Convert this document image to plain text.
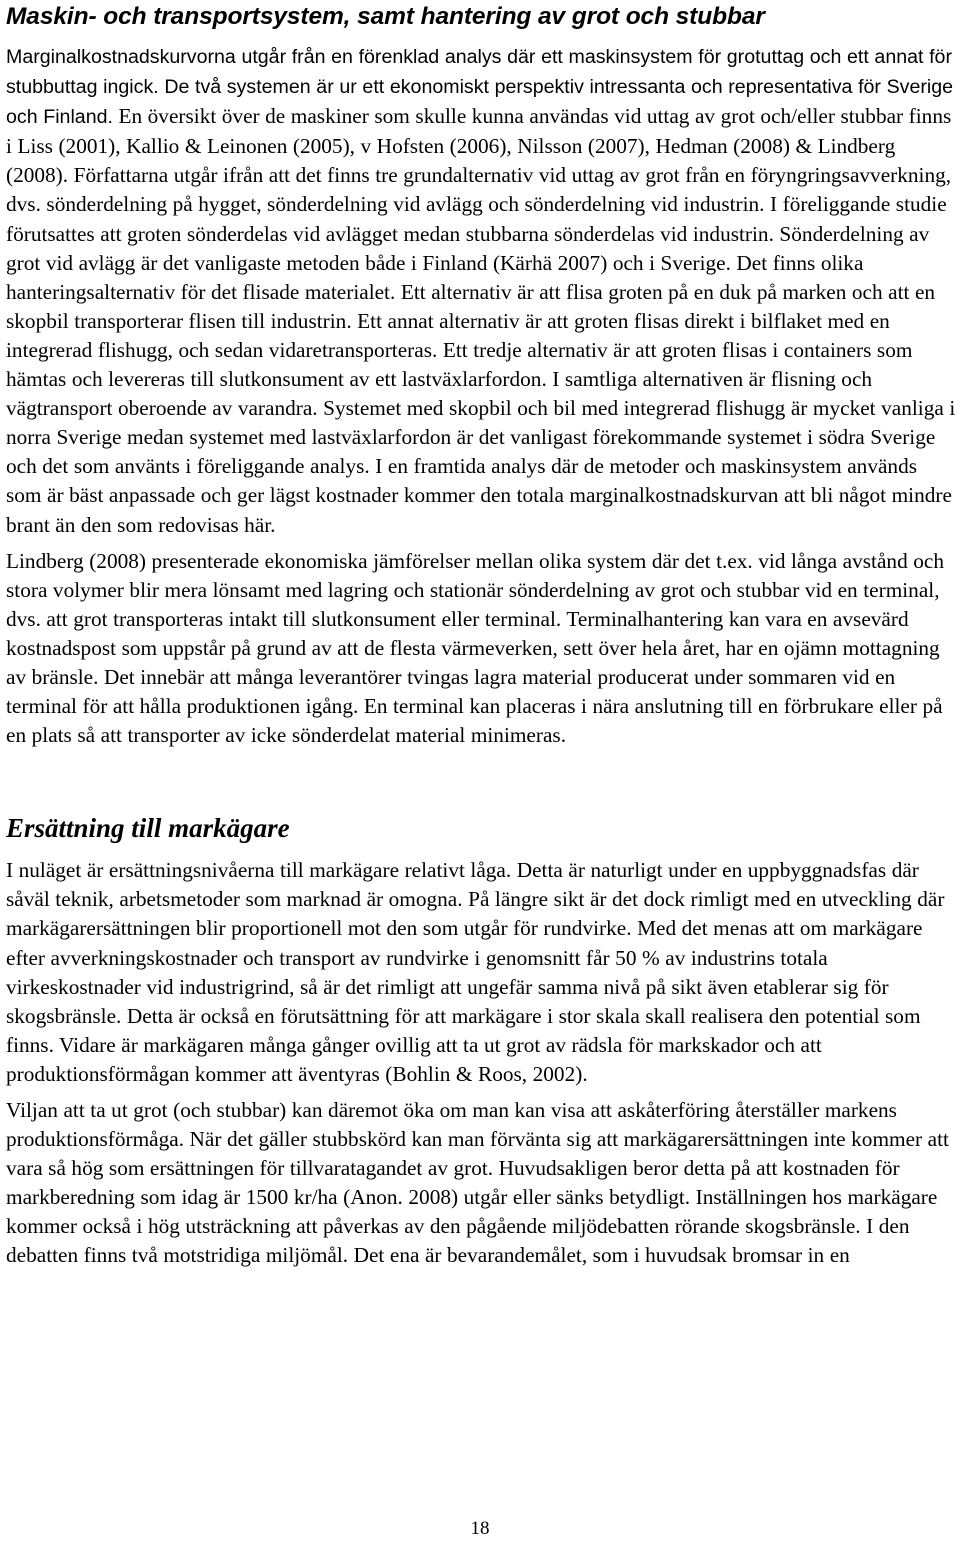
Maskin- och transportsystem, samt hantering av grot och stubbar

Marginalkostnadskurvorna utgår från en förenklad analys där ett maskinsystem för grotuttag och ett annat för stubbuttag ingick. De två systemen är ur ett ekonomiskt perspektiv intressanta och representativa för Sverige och Finland. En översikt över de maskiner som skulle kunna användas vid uttag av grot och/eller stubbar finns i Liss (2001), Kallio & Leinonen (2005), v Hofsten (2006), Nilsson (2007), Hedman (2008) & Lindberg (2008). Författarna utgår ifrån att det finns tre grundalternativ vid uttag av grot från en föryngringsavverkning, dvs. sönderdelning på hygget, sönderdelning vid avlägg och sönderdelning vid industrin. I föreliggande studie förutsattes att groten sönderdelas vid avlägget medan stubbarna sönderdelas vid industrin. Sönderdelning av grot vid avlägg är det vanligaste metoden både i Finland (Kärhä 2007) och i Sverige. Det finns olika hanteringsalternativ för det flisade materialet. Ett alternativ är att flisa groten på en duk på marken och att en skopbil transporterar flisen till industrin. Ett annat alternativ är att groten flisas direkt i bilflaket med en integrerad flishugg, och sedan vidaretransporteras. Ett tredje alternativ är att groten flisas i containers som hämtas och levereras till slutkonsument av ett lastväxlarfordon. I samtliga alternativen är flisning och vägtransport oberoende av varandra. Systemet med skopbil och bil med integrerad flishugg är mycket vanliga i norra Sverige medan systemet med lastväxlarfordon är det vanligast förekommande systemet i södra Sverige och det som använts i föreliggande analys. I en framtida analys där de metoder och maskinsystem används som är bäst anpassade och ger lägst kostnader kommer den totala marginalkostnadskurvan att bli något mindre brant än den som redovisas här.

Lindberg (2008) presenterade ekonomiska jämförelser mellan olika system där det t.ex. vid långa avstånd och stora volymer blir mera lönsamt med lagring och stationär sönderdelning av grot och stubbar vid en terminal, dvs. att grot transporteras intakt till slutkonsument eller terminal. Terminalhantering kan vara en avsevärd kostnadspost som uppstår på grund av att de flesta värmeverken, sett över hela året, har en ojämn mottagning av bränsle. Det innebär att många leverantörer tvingas lagra material producerat under sommaren vid en terminal för att hålla produktionen igång. En terminal kan placeras i nära anslutning till en förbrukare eller på en plats så att transporter av icke sönderdelat material minimeras.

Ersättning till markägare

I nuläget är ersättningsnivåerna till markägare relativt låga. Detta är naturligt under en uppbyggnadsfas där såväl teknik, arbetsmetoder som marknad är omogna. På längre sikt är det dock rimligt med en utveckling där markägarersättningen blir proportionell mot den som utgår för rundvirke. Med det menas att om markägare efter avverkningskostnader och transport av rundvirke i genomsnitt får 50 % av industrins totala virkeskostnader vid industrigrind, så är det rimligt att ungefär samma nivå på sikt även etablerar sig för skogsbränsle. Detta är också en förutsättning för att markägare i stor skala skall realisera den potential som finns. Vidare är markägaren många gånger ovillig att ta ut grot av rädsla för markskador och att produktionsförmågan kommer att äventyras (Bohlin & Roos, 2002).

Viljan att ta ut grot (och stubbar) kan däremot öka om man kan visa att askåterföring återställer markens produktionsförmåga. När det gäller stubbskörd kan man förvänta sig att markägarersättningen inte kommer att vara så hög som ersättningen för tillvaratagandet av grot. Huvudsakligen beror detta på att kostnaden för markberedning som idag är 1500 kr/ha (Anon. 2008) utgår eller sänks betydligt. Inställningen hos markägare kommer också i hög utsträckning att påverkas av den pågående miljödebatten rörande skogsbränsle. I den debatten finns två motstridiga miljömål. Det ena är bevarandemålet, som i huvudsak bromsar in en

18
